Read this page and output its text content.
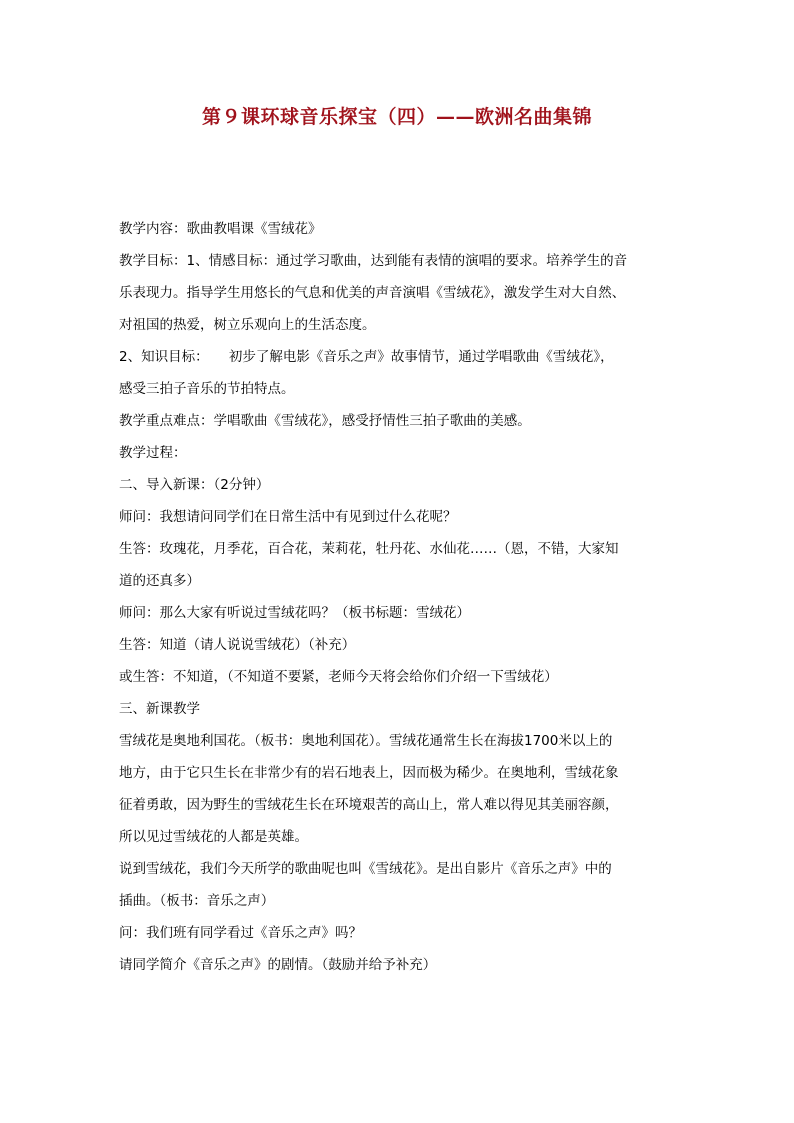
第９课环球音乐探宝（四）——欧洲名曲集锦
教学内容：歌曲教唱课《雪绒花》
教学目标：1、情感目标：通过学习歌曲，达到能有表情的演唱的要求。培养学生的音
乐表现力。指导学生用悠长的气息和优美的声音演唱《雪绒花》，激发学生对大自然、
对祖国的热爱，树立乐观向上的生活态度。
2、知识目标：　　初步了解电影《音乐之声》故事情节，通过学唱歌曲《雪绒花》，
感受三拍子音乐的节拍特点。
教学重点难点：学唱歌曲《雪绒花》，感受抒情性三拍子歌曲的美感。
教学过程：
二、导入新课：（2分钟）
师问：我想请问同学们在日常生活中有见到过什么花呢？
生答：玫瑰花，月季花，百合花，茉莉花，牡丹花、水仙花……（恩，不错，大家知
道的还真多）
师问：那么大家有听说过雪绒花吗？（板书标题：雪绒花）
生答：知道（请人说说雪绒花）（补充）
或生答：不知道，（不知道不要紧，老师今天将会给你们介绍一下雪绒花）
三、新课教学
雪绒花是奥地利国花。（板书：奥地利国花）。雪绒花通常生长在海拔1700米以上的
地方，由于它只生长在非常少有的岩石地表上，因而极为稀少。在奥地利，雪绒花象
征着勇敢，因为野生的雪绒花生长在环境艰苦的高山上，常人难以得见其美丽容颜，
所以见过雪绒花的人都是英雄。
说到雪绒花，我们今天所学的歌曲呢也叫《雪绒花》。是出自影片《音乐之声》中的
插曲。（板书：音乐之声）
问：我们班有同学看过《音乐之声》吗？
请同学简介《音乐之声》的剧情。（鼓励并给予补充）
